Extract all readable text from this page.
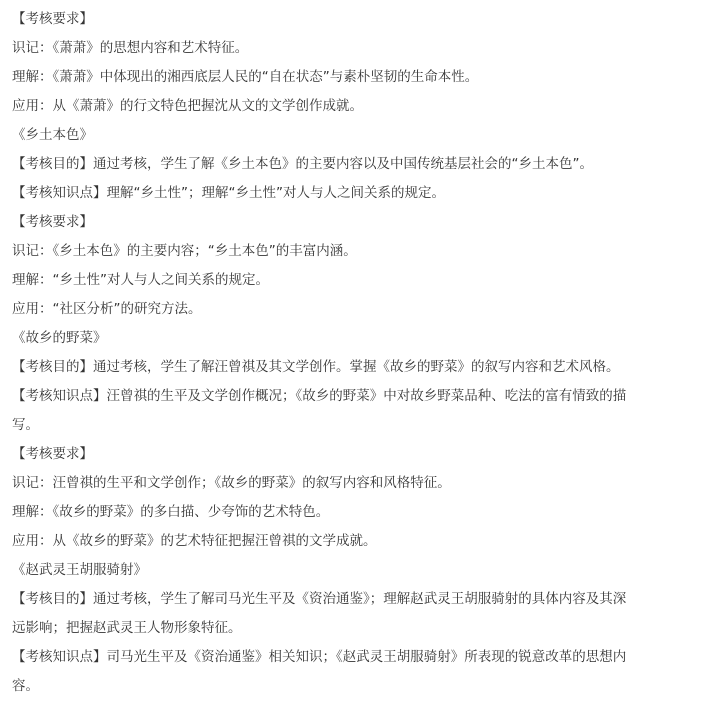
【考核要求】

识记：《萧萧》的思想内容和艺术特征。

理解：《萧萧》中体现出的湘西底层人民的“自在状态”与素朴坚韧的生命本性。

应用：从《萧萧》的行文特色把握沈从文的文学创作成就。

《乡土本色》

【考核目的】通过考核，学生了解《乡土本色》的主要内容以及中国传统基层社会的“乡土本色”。

【考核知识点】理解“乡土性”；理解“乡土性”对人与人之间关系的规定。

【考核要求】

识记：《乡土本色》的主要内容；“乡土本色”的丰富内涵。

理解：“乡土性”对人与人之间关系的规定。

应用：“社区分析”的研究方法。

《故乡的野菜》

【考核目的】通过考核，学生了解汪曾祺及其文学创作。掌握《故乡的野菜》的叙写内容和艺术风格。

【考核知识点】汪曾祺的生平及文学创作概况；《故乡的野菜》中对故乡野菜品种、吃法的富有情致的描

写。

【考核要求】

识记：汪曾祺的生平和文学创作；《故乡的野菜》的叙写内容和风格特征。

理解：《故乡的野菜》的多白描、少夸饰的艺术特色。

应用：从《故乡的野菜》的艺术特征把握汪曾祺的文学成就。

《赵武灵王胡服骑射》

【考核目的】通过考核，学生了解司马光生平及《资治通鉴》；理解赵武灵王胡服骑射的具体内容及其深

远影响；把握赵武灵王人物形象特征。

【考核知识点】司马光生平及《资治通鉴》相关知识；《赵武灵王胡服骑射》所表现的锐意改革的思想内

容。
